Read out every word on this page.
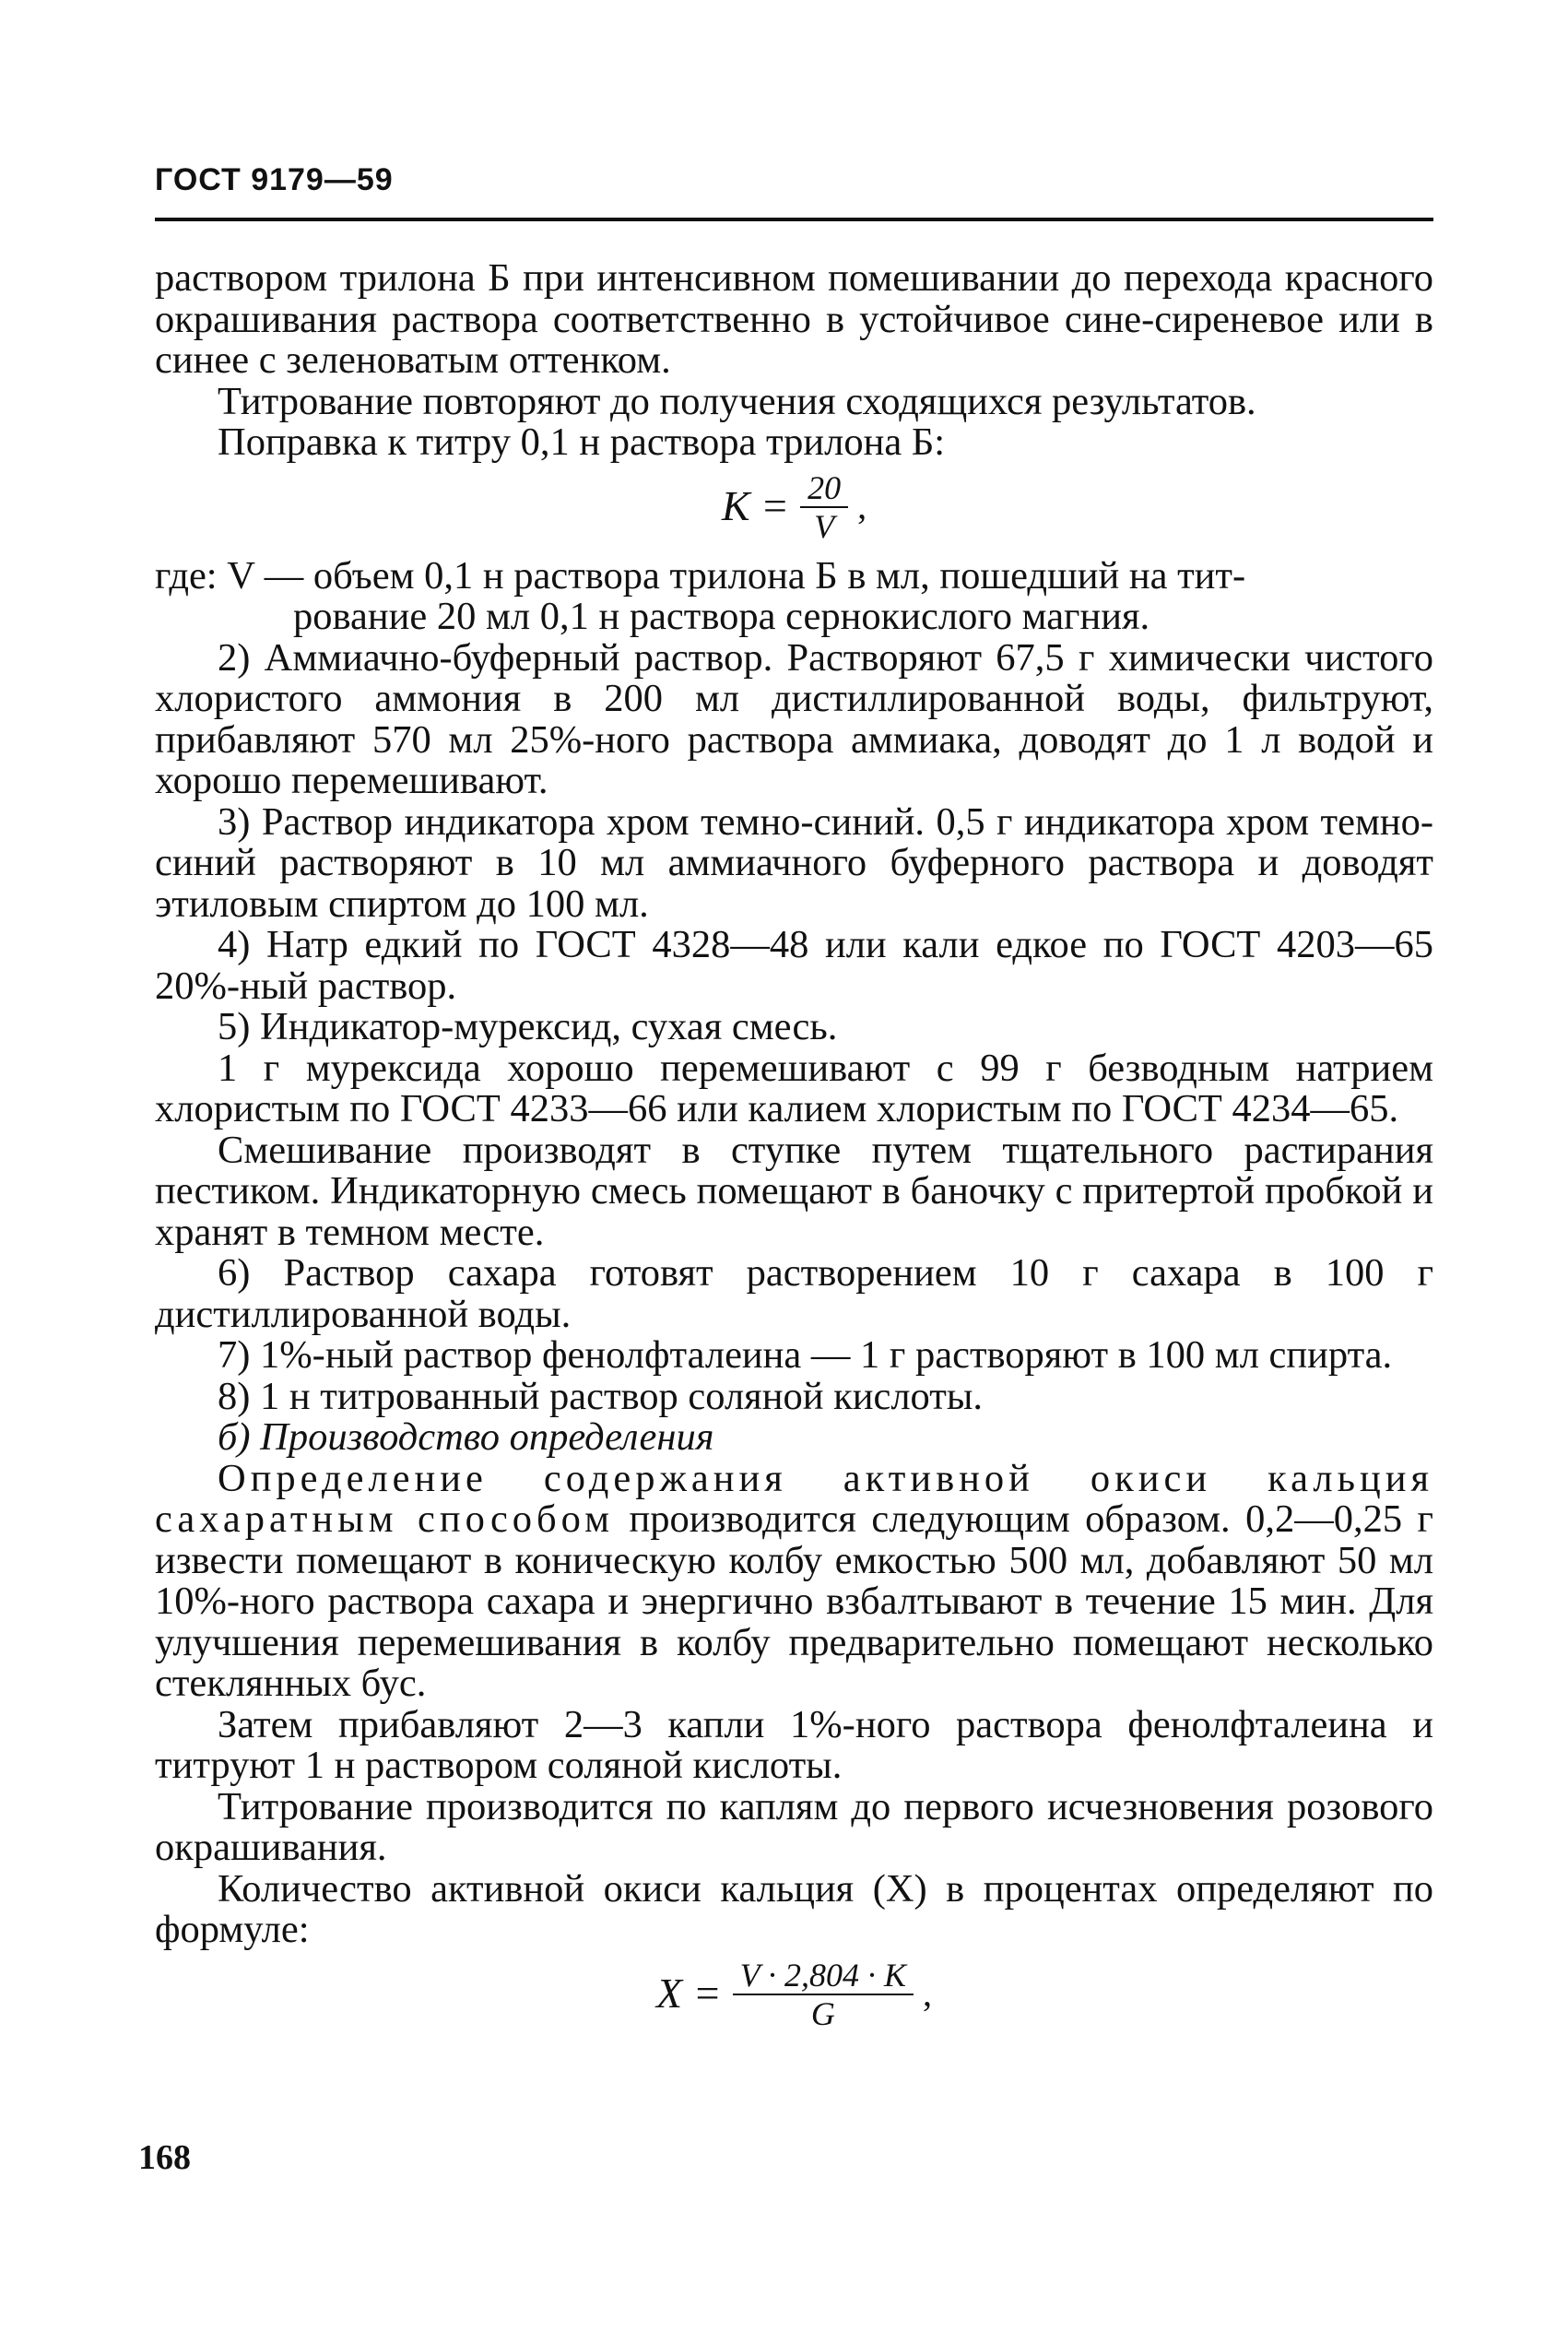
ГОСТ 9179—59

раствором трилона Б при интенсивном помешивании до перехода красного окрашивания раствора соответственно в устойчивое сине-сиреневое или в синее с зеленоватым оттенком.

Титрование повторяют до получения сходящихся результатов.

Поправка к титру 0,1 н раствора трилона Б:

$K = \frac{20}{V}$ ,

где: V — объем 0,1 н раствора трилона Б в мл, пошедший на тит-

рование 20 мл 0,1 н раствора сернокислого магния.

2) Аммиачно-буферный раствор. Растворяют 67,5 г химически чистого хлористого аммония в 200 мл дистиллированной воды, фильтруют, прибавляют 570 мл 25%-ного раствора аммиака, доводят до 1 л водой и хорошо перемешивают.

3) Раствор индикатора хром темно-синий. 0,5 г индикатора хром темно-синий растворяют в 10 мл аммиачного буферного раствора и доводят этиловым спиртом до 100 мл.

4) Натр едкий по ГОСТ 4328—48 или кали едкое по ГОСТ 4203—65 20%-ный раствор.

5) Индикатор-мурексид, сухая смесь.

1 г мурексида хорошо перемешивают с 99 г безводным натрием хлористым по ГОСТ 4233—66 или калием хлористым по ГОСТ 4234—65.

Смешивание производят в ступке путем тщательного растирания пестиком. Индикаторную смесь помещают в баночку с притертой пробкой и хранят в темном месте.

6) Раствор сахара готовят растворением 10 г сахара в 100 г дистиллированной воды.

7) 1%-ный раствор фенолфталеина — 1 г растворяют в 100 мл спирта.

8) 1 н титрованный раствор соляной кислоты.

б) Производство определения

Определение содержания активной окиси кальция сахаратным способом производится следующим образом. 0,2—0,25 г извести помещают в коническую колбу емкостью 500 мл, добавляют 50 мл 10%-ного раствора сахара и энергично взбалтывают в течение 15 мин. Для улучшения перемешивания в колбу предварительно помещают несколько стеклянных бус.

Затем прибавляют 2—3 капли 1%-ного раствора фенолфталеина и титруют 1 н раствором соляной кислоты.

Титрование производится по каплям до первого исчезновения розового окрашивания.

Количество активной окиси кальция (X) в процентах определяют по формуле:

$X = \frac{V \cdot 2,804 \cdot K}{G}$ ,
168
